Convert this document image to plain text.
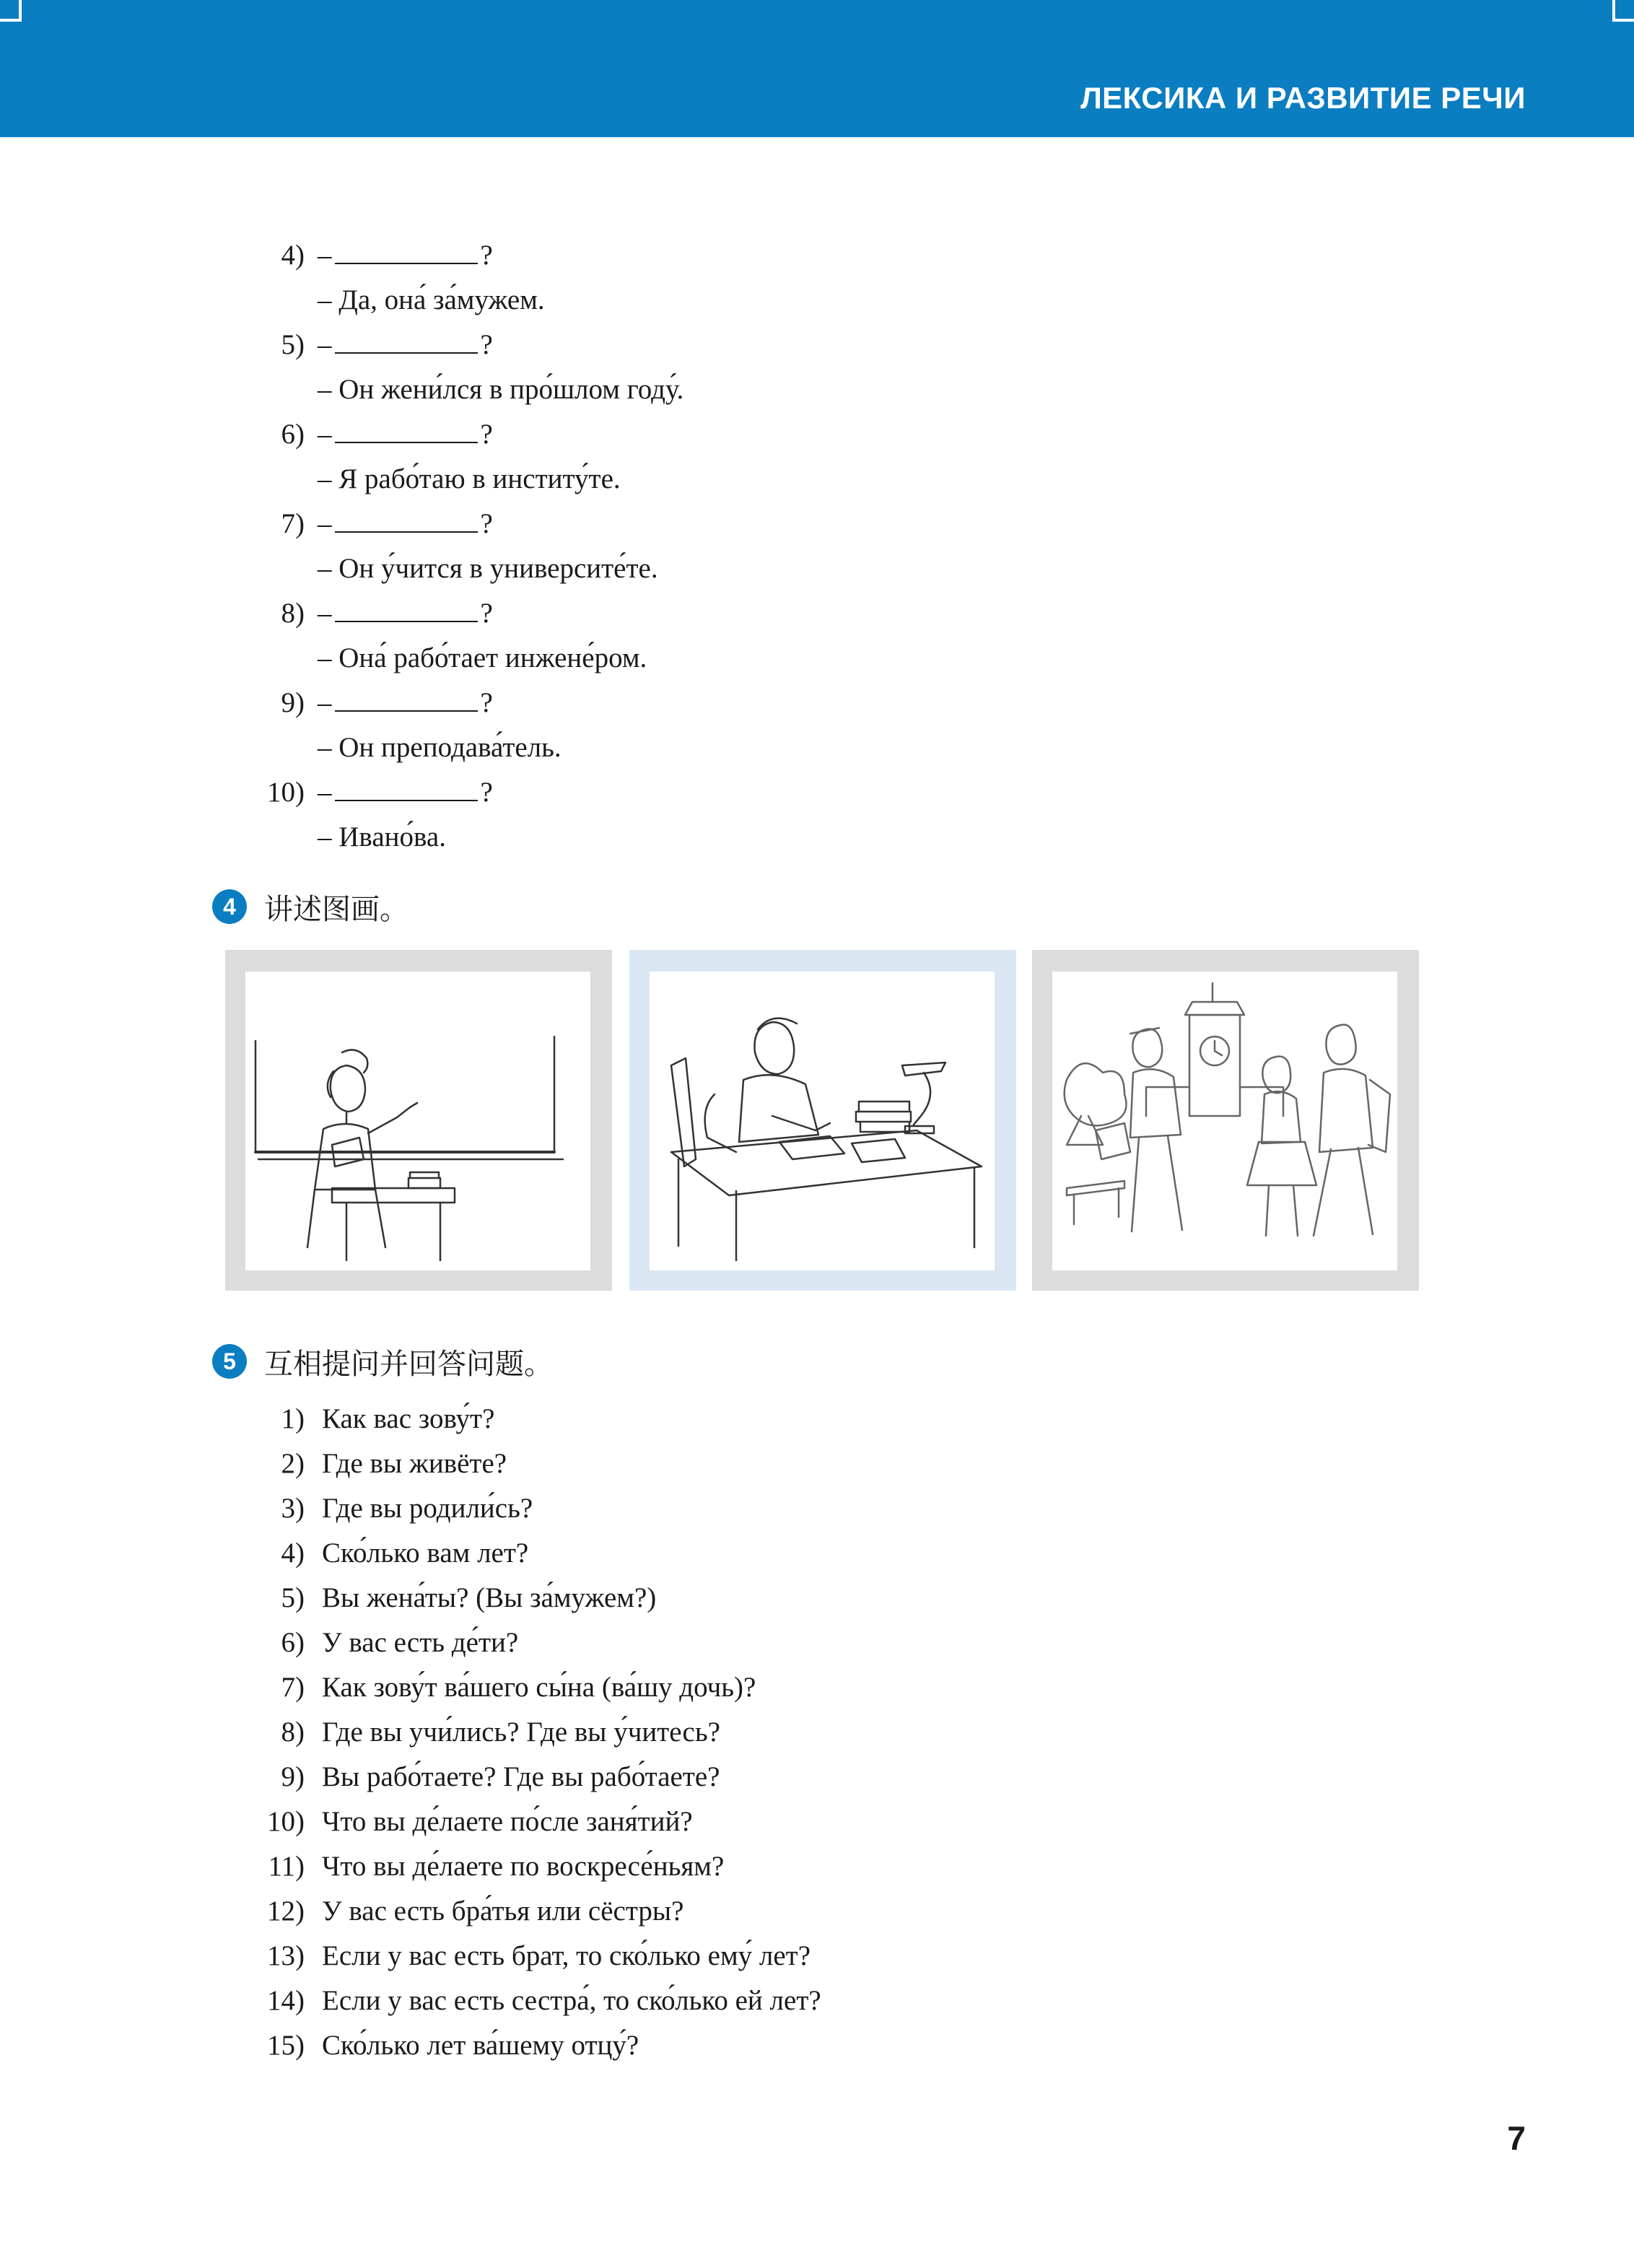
ЛЕКСИКА И РАЗВИТИЕ РЕЧИ
4) –	?
– Да, она́ за́мужем.
5) –	?
– Он жени́лся в про́шлом году́.
6) –	?
– Я рабо́таю в институ́те.
7) –	?
– Он у́чится в университе́те.
8) –	?
– Она́ рабо́тает инжене́ром.
9) –	?
– Он преподава́тель.
10) –	?
– Ивано́ва.
4 讲述图画。
5 互相提问并回答问题。
1) Как вас зову́т?
2) Где вы живёте?
3) Где вы родили́сь?
4) Ско́лько вам лет?
5) Вы жена́ты? (Вы за́мужем?)
6) У вас есть де́ти?
7) Как зову́т ва́шего сы́на (ва́шу дочь)?
8) Где вы учи́лись? Где вы у́читесь?
9) Вы рабо́таете? Где вы рабо́таете?
10) Что вы де́лаете по́сле заня́тий?
11) Что вы де́лаете по воскресе́ньям?
12) У вас есть бра́тья или сёстры?
13) Если у вас есть брат, то ско́лько ему́ лет?
14) Если у вас есть сестра́, то ско́лько ей лет?
15) Ско́лько лет ва́шему отцу́?
7
